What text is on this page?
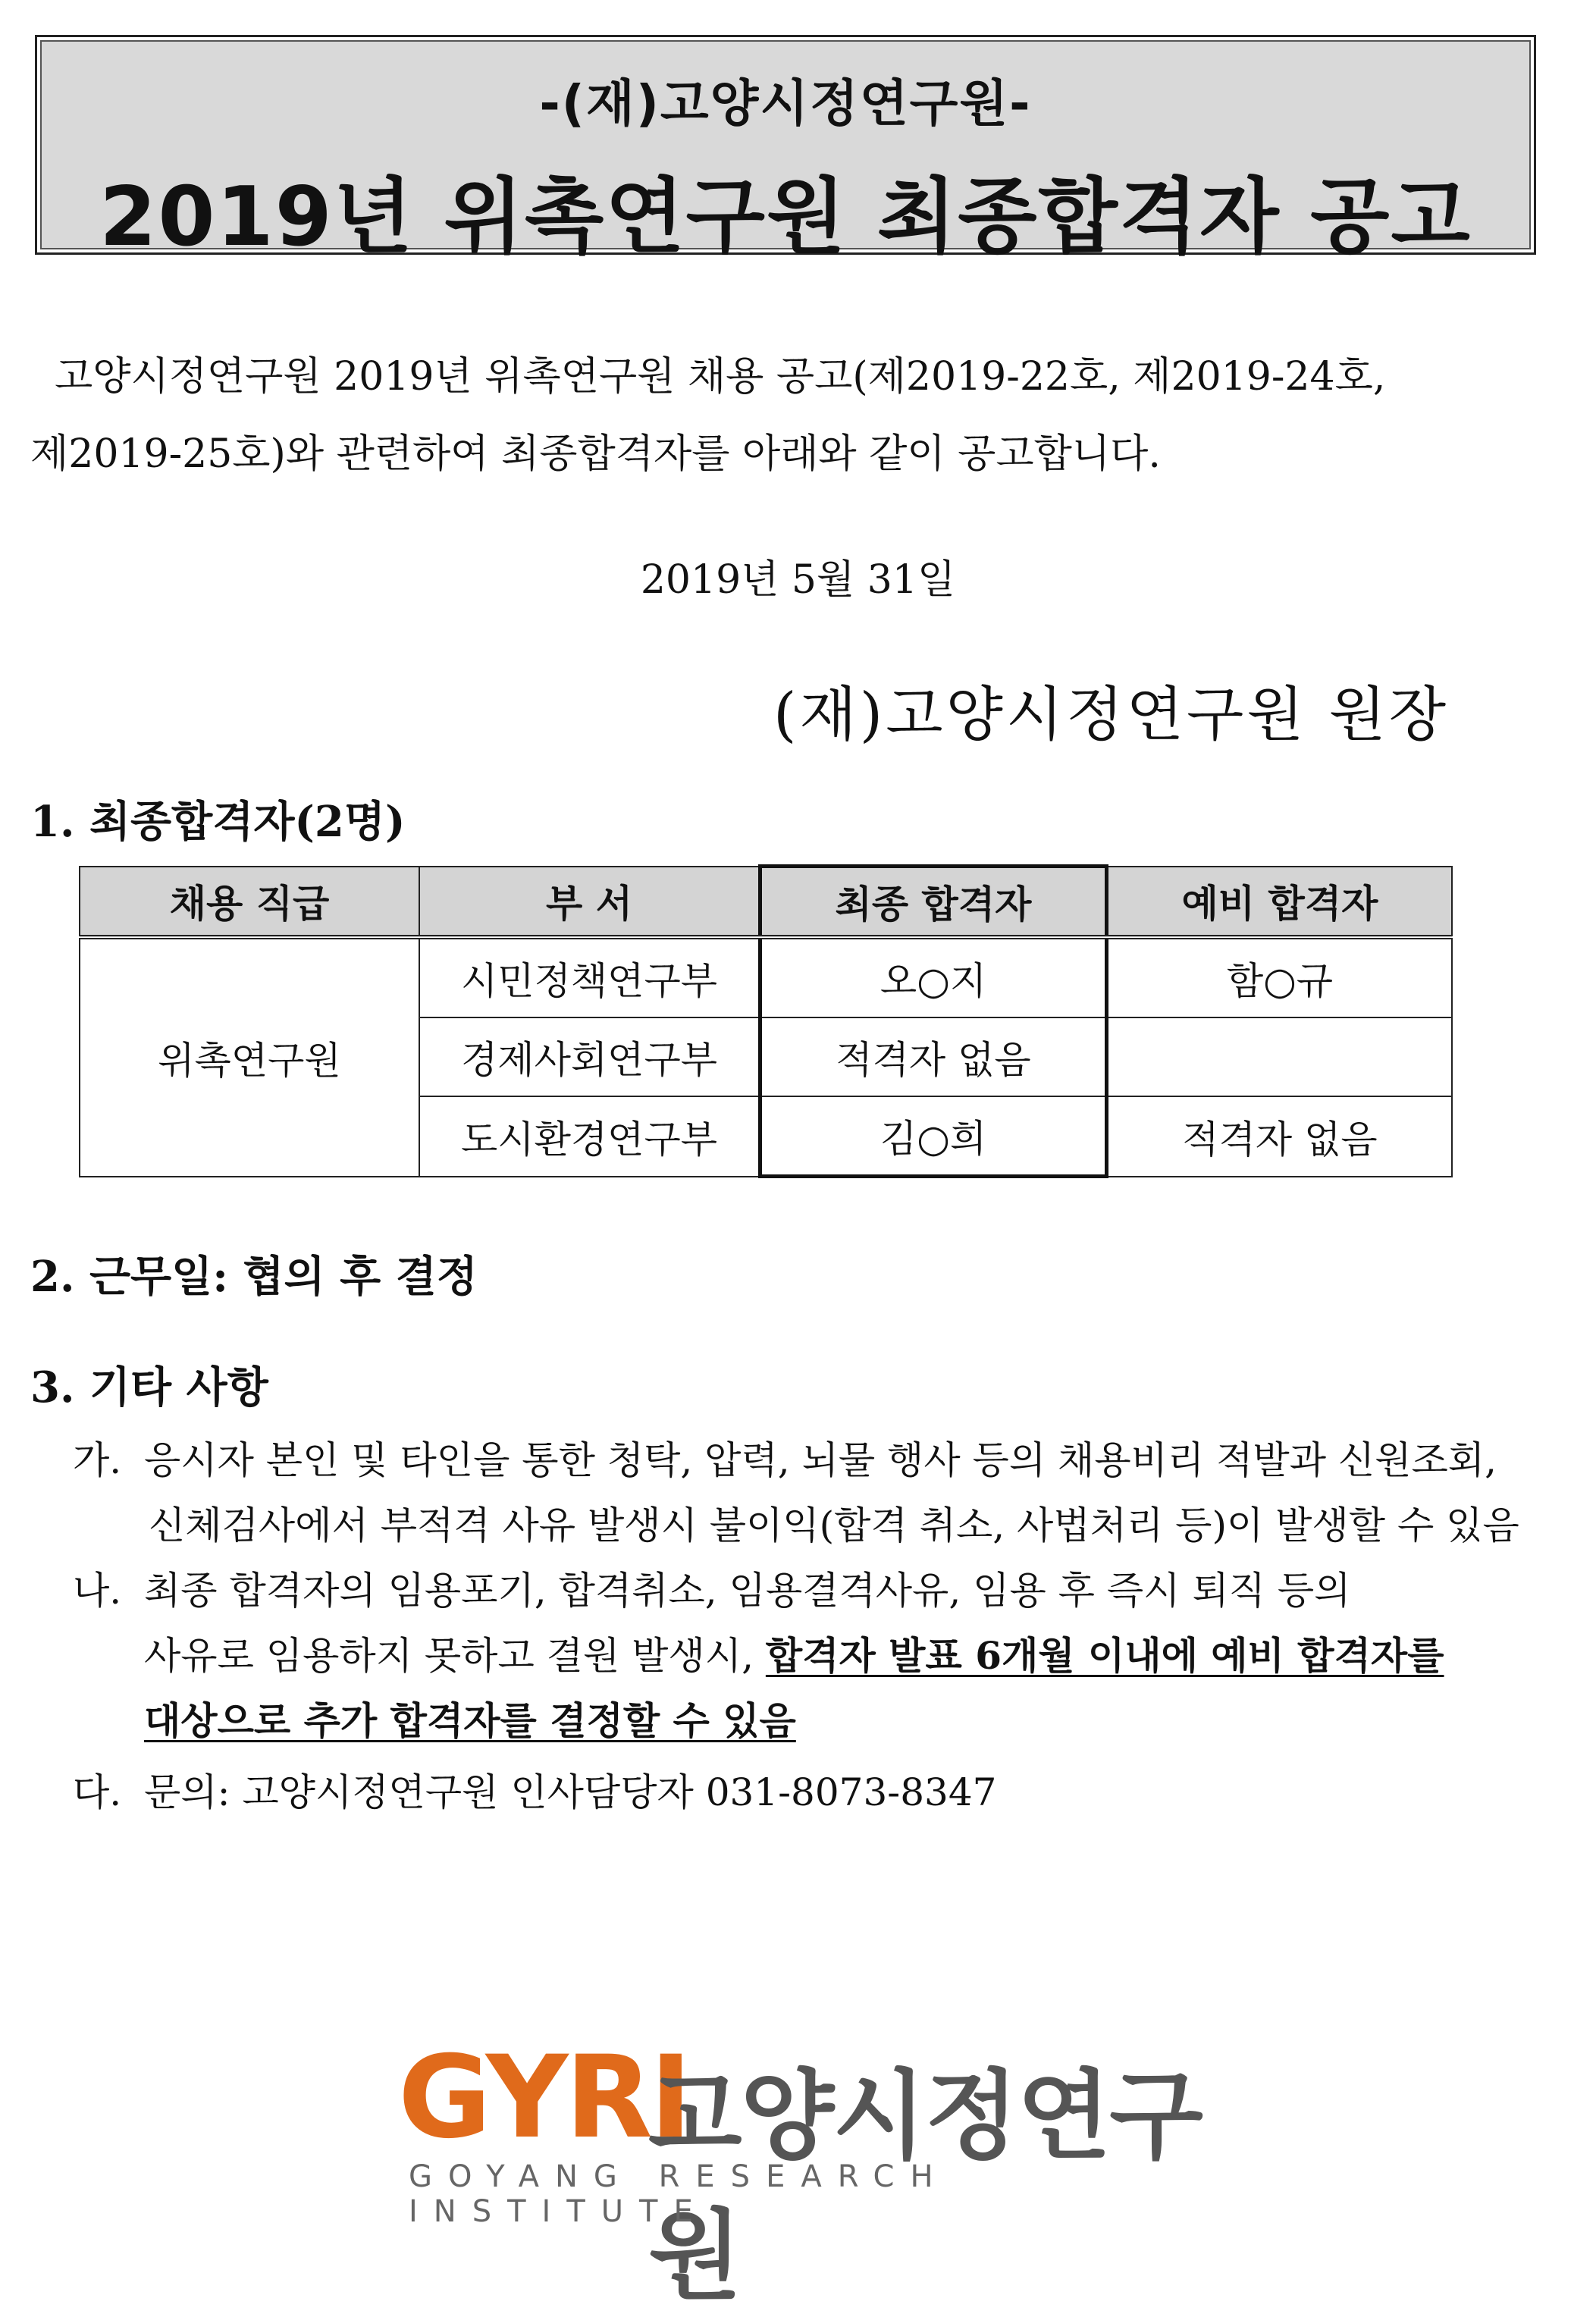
-(재)고양시정연구원-
2019년 위촉연구원 최종합격자 공고
고양시정연구원 2019년 위촉연구원 채용 공고(제2019-22호, 제2019-24호,
제2019-25호)와 관련하여 최종합격자를 아래와 같이 공고합니다.
2019년 5월 31일
(재)고양시정연구원 원장
1. 최종합격자(2명)
채용 직급	부 서	최종 합격자	예비 합격자
위촉연구원	시민정책연구부	오○지	함○규
	경제사회연구부	적격자 없음	
	도시환경연구부	김○희	적격자 없음
2. 근무일: 협의 후 결정
3. 기타 사항
가. 응시자 본인 및 타인을 통한 청탁, 압력, 뇌물 행사 등의 채용비리 적발과 신원조회,
신체검사에서 부적격 사유 발생시 불이익(합격 취소, 사법처리 등)이 발생할 수 있음
나. 최종 합격자의 임용포기, 합격취소, 임용결격사유, 임용 후 즉시 퇴직 등의
사유로 임용하지 못하고 결원 발생시, 합격자 발표 6개월 이내에 예비 합격자를
대상으로 추가 합격자를 결정할 수 있음
다. 문의: 고양시정연구원 인사담당자 031-8073-8347
GYRI
고양시정연구원
GOYANG RESEARCH INSTITUTE
